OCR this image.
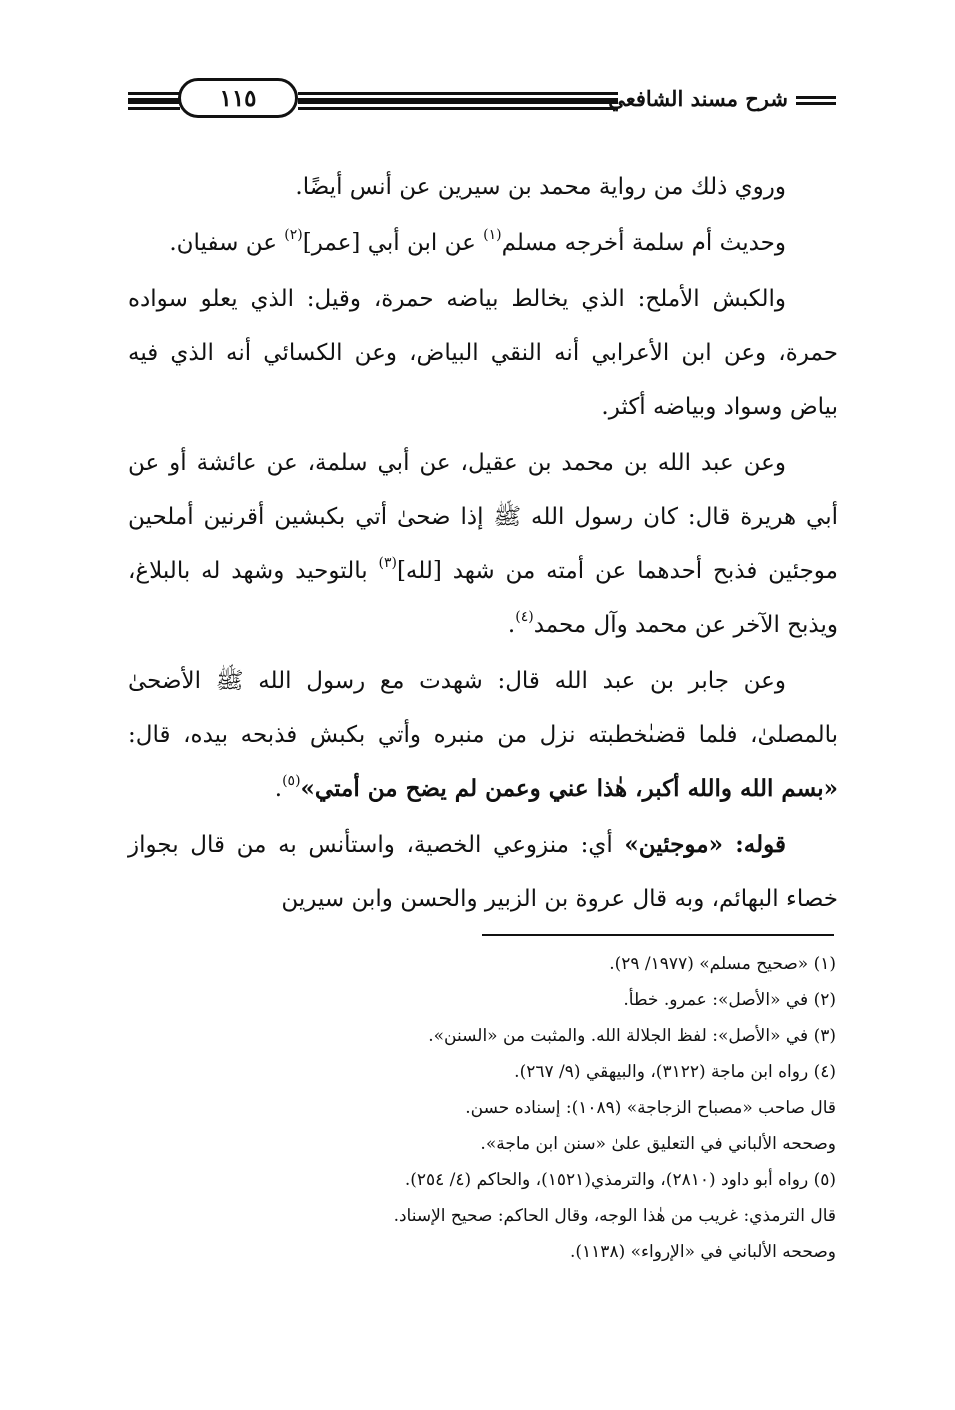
١١٥	شرح مسند الشافعي

وروي ذلك من رواية محمد بن سيرين عن أنس أيضًا.

وحديث أم سلمة أخرجه مسلم$^{(١)}$ عن ابن أبي [عمر]$^{(٢)}$ عن سفيان.

والكبش الأملح: الذي يخالط بياضه حمرة، وقيل: الذي يعلو سواده حمرة، وعن ابن الأعرابي أنه النقي البياض، وعن الكسائي أنه الذي فيه بياض وسواد وبياضه أكثر.

وعن عبد الله بن محمد بن عقيل، عن أبي سلمة، عن عائشة أو عن أبي هريرة قال: كان رسول الله ﷺ إذا ضحىٰ أتي بكبشين أقرنين أملحين موجئين فذبح أحدهما عن أمته من شهد [لله]$^{(٣)}$ بالتوحيد وشهد له بالبلاغ، ويذبح الآخر عن محمد وآل محمد$^{(٤)}$.

وعن جابر بن عبد الله قال: شهدت مع رسول الله ﷺ الأضحىٰ بالمصلىٰ، فلما قضىٰخطبته نزل من منبره وأتي بكبش فذبحه بيده، قال: «بسم الله والله أكبر، هٰذا عني وعمن لم يضح من أمتي»$^{(٥)}$.

قوله: «موجئين» أي: منزوعي الخصية، واستأنس به من قال بجواز خصاء البهائم، وبه قال عروة بن الزبير والحسن وابن سيرين

(١) «صحيح مسلم» (١٩٧٧/ ٢٩).
(٢) في «الأصل»: عمرو. خطأ.
(٣) في «الأصل»: لفظ الجلالة الله. والمثبت من «السنن».
(٤) رواه ابن ماجة (٣١٢٢)، والبيهقي (٩/ ٢٦٧).
قال صاحب «مصباح الزجاجة» (١٠٨٩): إسناده حسن.
وصححه الألباني في التعليق علىٰ «سنن ابن ماجة».
(٥) رواه أبو داود (٢٨١٠)، والترمذي(١٥٢١)، والحاكم (٤/ ٢٥٤).
قال الترمذي: غريب من هٰذا الوجه، وقال الحاكم: صحيح الإسناد.
وصححه الألباني في «الإرواء» (١١٣٨).
